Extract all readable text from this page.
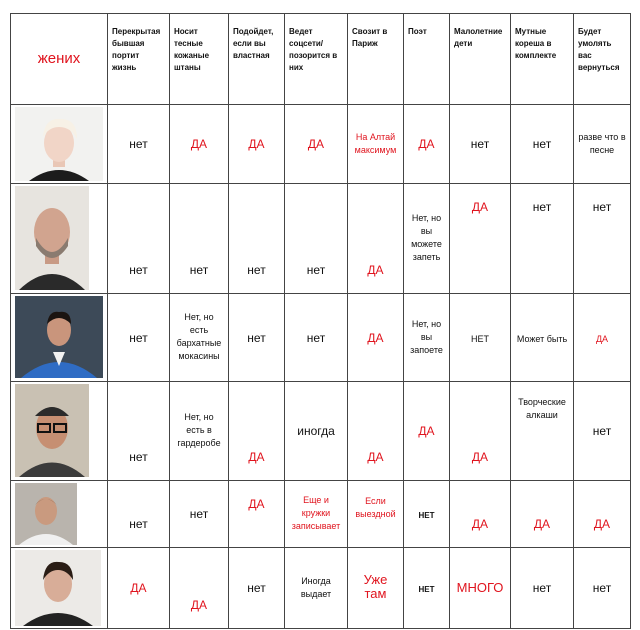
жених	Перекрытая бывшая портит жизнь	Носит тесные кожаные штаны	Подойдет, если вы властная	Ведет соцсети/ позорится в них	Свозит в Париж	Поэт	Малолетние дети	Мутные кореша в комплекте	Будет умолять вас вернуться

	нет	ДА	ДА	ДА	На Алтай максимум	ДА	нет	нет	разве что в песне

	нет	нет	нет	нет	ДА	Нет, но вы можете запеть	ДА	нет	нет

	нет	Нет, но есть бархатные мокасины	нет	нет	ДА	Нет, но вы запоете	НЕТ	Может быть	ДА

	нет	Нет, но есть в гардеробе	ДА	иногда	ДА	ДА	ДА	Творческие алкаши	нет

	нет	нет	ДА	Еще и кружки записывает	Если выездной	НЕТ	ДА	ДА	ДА

	ДА	ДА	нет	Иногда выдает	Уже там	НЕТ	МНОГО	нет	нет
